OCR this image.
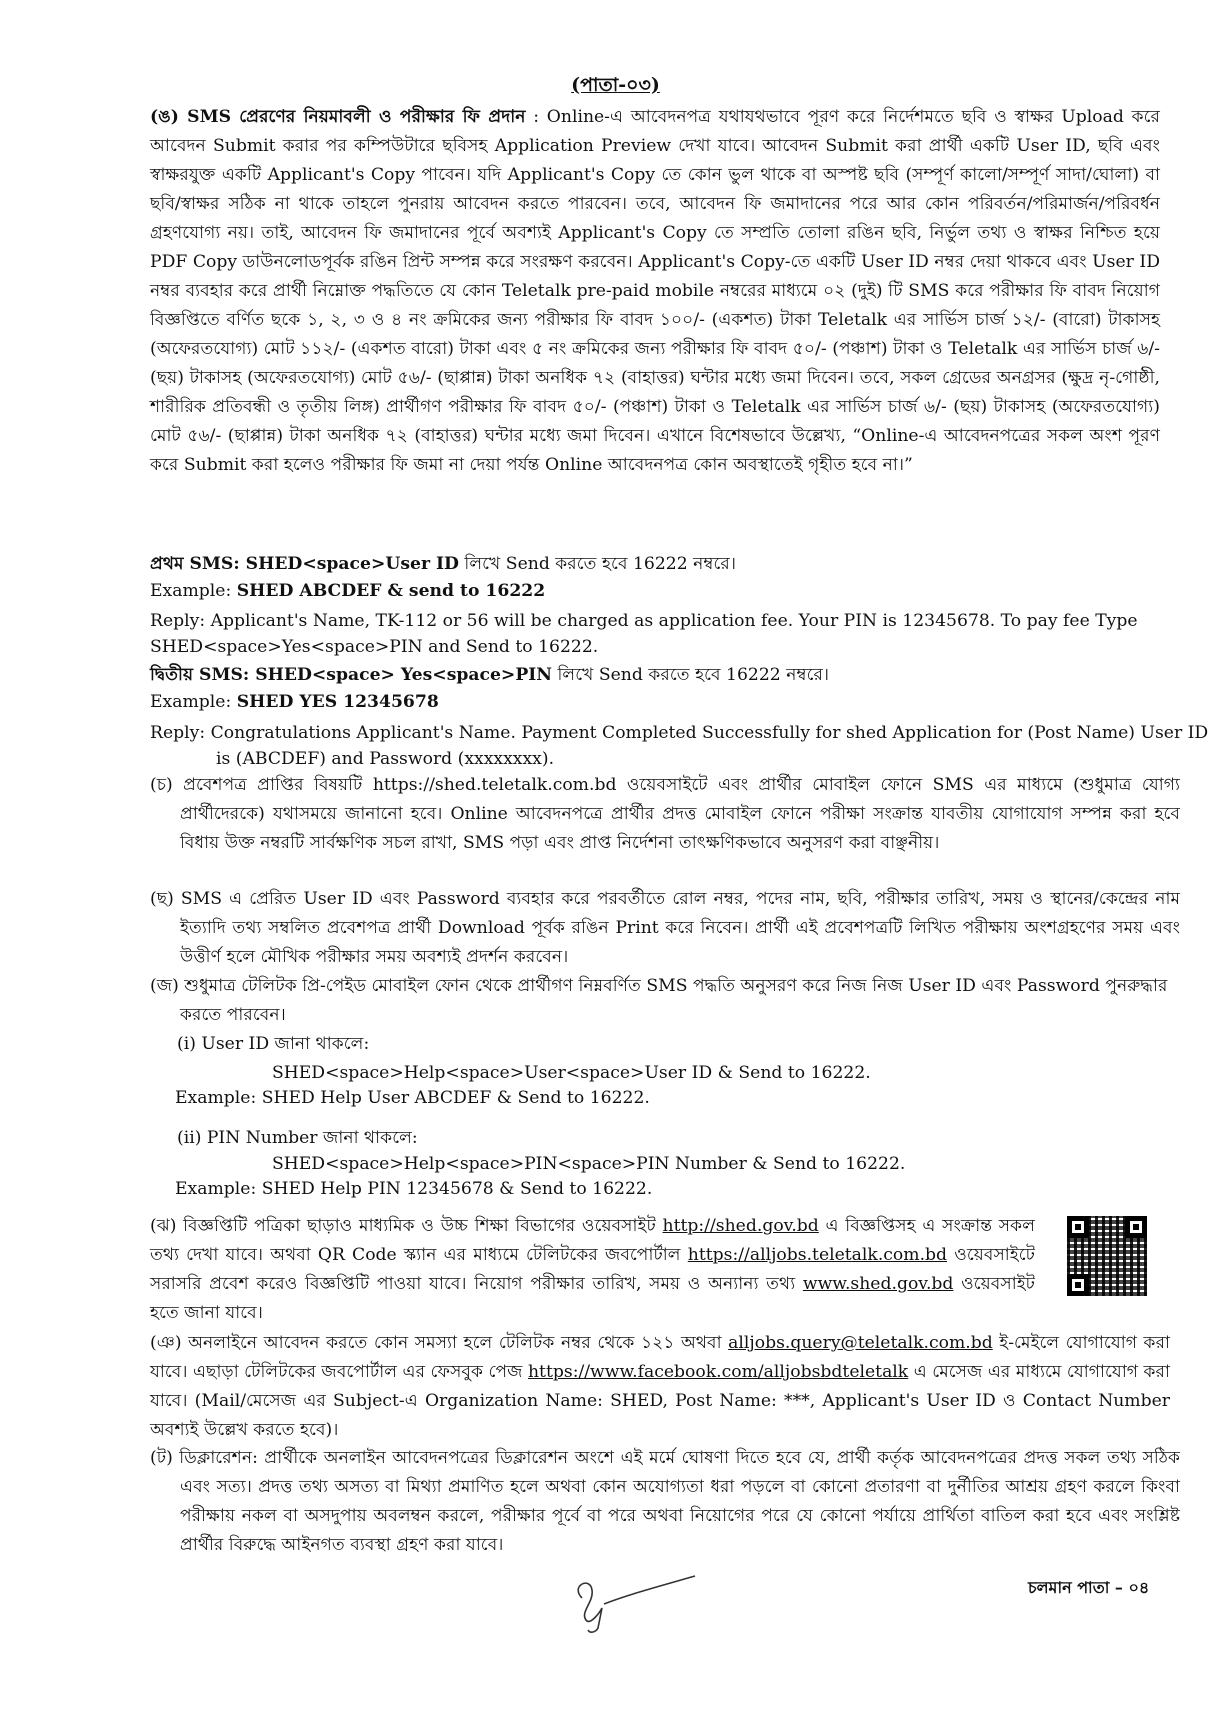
(পাতা-০৩)

(ঙ) SMS প্রেরণের নিয়মাবলী ও পরীক্ষার ফি প্রদান : Online-এ আবেদনপত্র যথাযথভাবে পূরণ করে নির্দেশমতে ছবি ও স্বাক্ষর Upload করে আবেদন Submit করার পর কম্পিউটারে ছবিসহ Application Preview দেখা যাবে। আবেদন Submit করা প্রার্থী একটি User ID, ছবি এবং স্বাক্ষরযুক্ত একটি Applicant's Copy পাবেন। যদি Applicant's Copy তে কোন ভুল থাকে বা অস্পষ্ট ছবি (সম্পূর্ণ কালো/সম্পূর্ণ সাদা/ঘোলা) বা ছবি/স্বাক্ষর সঠিক না থাকে তাহলে পুনরায় আবেদন করতে পারবেন। তবে, আবেদন ফি জমাদানের পরে আর কোন পরিবর্তন/পরিমার্জন/পরিবর্ধন গ্রহণযোগ্য নয়। তাই, আবেদন ফি জমাদানের পূর্বে অবশ্যই Applicant's Copy তে সম্প্রতি তোলা রঙিন ছবি, নির্ভুল তথ্য ও স্বাক্ষর নিশ্চিত হয়ে PDF Copy ডাউনলোডপূর্বক রঙিন প্রিন্ট সম্পন্ন করে সংরক্ষণ করবেন। Applicant's Copy-তে একটি User ID নম্বর দেয়া থাকবে এবং User ID নম্বর ব্যবহার করে প্রার্থী নিম্নোক্ত পদ্ধতিতে যে কোন Teletalk pre-paid mobile নম্বরের মাধ্যমে ০২ (দুই) টি SMS করে পরীক্ষার ফি বাবদ নিয়োগ বিজ্ঞপ্তিতে বর্ণিত ছকে ১, ২, ৩ ও ৪ নং ক্রমিকের জন্য পরীক্ষার ফি বাবদ ১০০/- (একশত) টাকা Teletalk এর সার্ভিস চার্জ ১২/- (বারো) টাকাসহ (অফেরতযোগ্য) মোট ১১২/- (একশত বারো) টাকা এবং ৫ নং ক্রমিকের জন্য পরীক্ষার ফি বাবদ ৫০/- (পঞ্চাশ) টাকা ও Teletalk এর সার্ভিস চার্জ ৬/- (ছয়) টাকাসহ (অফেরতযোগ্য) মোট ৫৬/- (ছাপ্পান্ন) টাকা অনধিক ৭২ (বাহাত্তর) ঘন্টার মধ্যে জমা দিবেন। তবে, সকল গ্রেডের অনগ্রসর (ক্ষুদ্র নৃ-গোষ্ঠী, শারীরিক প্রতিবন্ধী ও তৃতীয় লিঙ্গ) প্রার্থীগণ পরীক্ষার ফি বাবদ ৫০/- (পঞ্চাশ) টাকা ও Teletalk এর সার্ভিস চার্জ ৬/- (ছয়) টাকাসহ (অফেরতযোগ্য) মোট ৫৬/- (ছাপ্পান্ন) টাকা অনধিক ৭২ (বাহাত্তর) ঘন্টার মধ্যে জমা দিবেন। এখানে বিশেষভাবে উল্লেখ্য, “Online-এ আবেদনপত্রের সকল অংশ পূরণ করে Submit করা হলেও পরীক্ষার ফি জমা না দেয়া পর্যন্ত Online আবেদনপত্র কোন অবস্থাতেই গৃহীত হবে না।”

প্রথম SMS: SHED<space>User ID লিখে Send করতে হবে 16222 নম্বরে।

Example: SHED ABCDEF & send to 16222

Reply: Applicant's Name, TK-112 or 56 will be charged as application fee. Your PIN is 12345678. To pay fee Type SHED<space>Yes<space>PIN and Send to 16222.

দ্বিতীয় SMS: SHED<space> Yes<space>PIN লিখে Send করতে হবে 16222 নম্বরে।

Example: SHED YES 12345678

Reply: Congratulations Applicant's Name. Payment Completed Successfully for shed Application for (Post Name) User ID is (ABCDEF) and Password (xxxxxxxx).

(চ) প্রবেশপত্র প্রাপ্তির বিষয়টি https://shed.teletalk.com.bd ওয়েবসাইটে এবং প্রার্থীর মোবাইল ফোনে SMS এর মাধ্যমে (শুধুমাত্র যোগ্য প্রার্থীদেরকে) যথাসময়ে জানানো হবে। Online আবেদনপত্রে প্রার্থীর প্রদত্ত মোবাইল ফোনে পরীক্ষা সংক্রান্ত যাবতীয় যোগাযোগ সম্পন্ন করা হবে বিধায় উক্ত নম্বরটি সার্বক্ষণিক সচল রাখা, SMS পড়া এবং প্রাপ্ত নির্দেশনা তাৎক্ষণিকভাবে অনুসরণ করা বাঞ্ছনীয়।

(ছ) SMS এ প্রেরিত User ID এবং Password ব্যবহার করে পরবর্তীতে রোল নম্বর, পদের নাম, ছবি, পরীক্ষার তারিখ, সময় ও স্থানের/কেন্দ্রের নাম ইত্যাদি তথ্য সম্বলিত প্রবেশপত্র প্রার্থী Download পূর্বক রঙিন Print করে নিবেন। প্রার্থী এই প্রবেশপত্রটি লিখিত পরীক্ষায় অংশগ্রহণের সময় এবং উত্তীর্ণ হলে মৌখিক পরীক্ষার সময় অবশ্যই প্রদর্শন করবেন।

(জ) শুধুমাত্র টেলিটক প্রি-পেইড মোবাইল ফোন থেকে প্রার্থীগণ নিম্নবর্ণিত SMS পদ্ধতি অনুসরণ করে নিজ নিজ User ID এবং Password পুনরুদ্ধার করতে পারবেন।

(i) User ID জানা থাকলে:

SHED<space>Help<space>User<space>User ID & Send to 16222.

Example: SHED Help User ABCDEF & Send to 16222.

(ii) PIN Number জানা থাকলে:

SHED<space>Help<space>PIN<space>PIN Number & Send to 16222.

Example: SHED Help PIN 12345678 & Send to 16222.

(ঝ) বিজ্ঞপ্তিটি পত্রিকা ছাড়াও মাধ্যমিক ও উচ্চ শিক্ষা বিভাগের ওয়েবসাইট http://shed.gov.bd এ বিজ্ঞপ্তিসহ এ সংক্রান্ত সকল তথ্য দেখা যাবে। অথবা QR Code স্ক্যান এর মাধ্যমে টেলিটকের জবপোর্টাল https://alljobs.teletalk.com.bd ওয়েবসাইটে সরাসরি প্রবেশ করেও বিজ্ঞপ্তিটি পাওয়া যাবে। নিয়োগ পরীক্ষার তারিখ, সময় ও অন্যান্য তথ্য www.shed.gov.bd ওয়েবসাইট হতে জানা যাবে।

(ঞ) অনলাইনে আবেদন করতে কোন সমস্যা হলে টেলিটক নম্বর থেকে ১২১ অথবা alljobs.query@teletalk.com.bd ই-মেইলে যোগাযোগ করা যাবে। এছাড়া টেলিটকের জবপোর্টাল এর ফেসবুক পেজ https://www.facebook.com/alljobsbdteletalk এ মেসেজ এর মাধ্যমে যোগাযোগ করা যাবে। (Mail/মেসেজ এর Subject-এ Organization Name: SHED, Post Name: ***, Applicant's User ID ও Contact Number অবশ্যই উল্লেখ করতে হবে)।

(ট) ডিক্লারেশন: প্রার্থীকে অনলাইন আবেদনপত্রের ডিক্লারেশন অংশে এই মর্মে ঘোষণা দিতে হবে যে, প্রার্থী কর্তৃক আবেদনপত্রের প্রদত্ত সকল তথ্য সঠিক এবং সত্য। প্রদত্ত তথ্য অসত্য বা মিথ্যা প্রমাণিত হলে অথবা কোন অযোগ্যতা ধরা পড়লে বা কোনো প্রতারণা বা দুর্নীতির আশ্রয় গ্রহণ করলে কিংবা পরীক্ষায় নকল বা অসদুপায় অবলম্বন করলে, পরীক্ষার পূর্বে বা পরে অথবা নিয়োগের পরে যে কোনো পর্যায়ে প্রার্থিতা বাতিল করা হবে এবং সংশ্লিষ্ট প্রার্থীর বিরুদ্ধে আইনগত ব্যবস্থা গ্রহণ করা যাবে।

চলমান পাতা – ০৪
